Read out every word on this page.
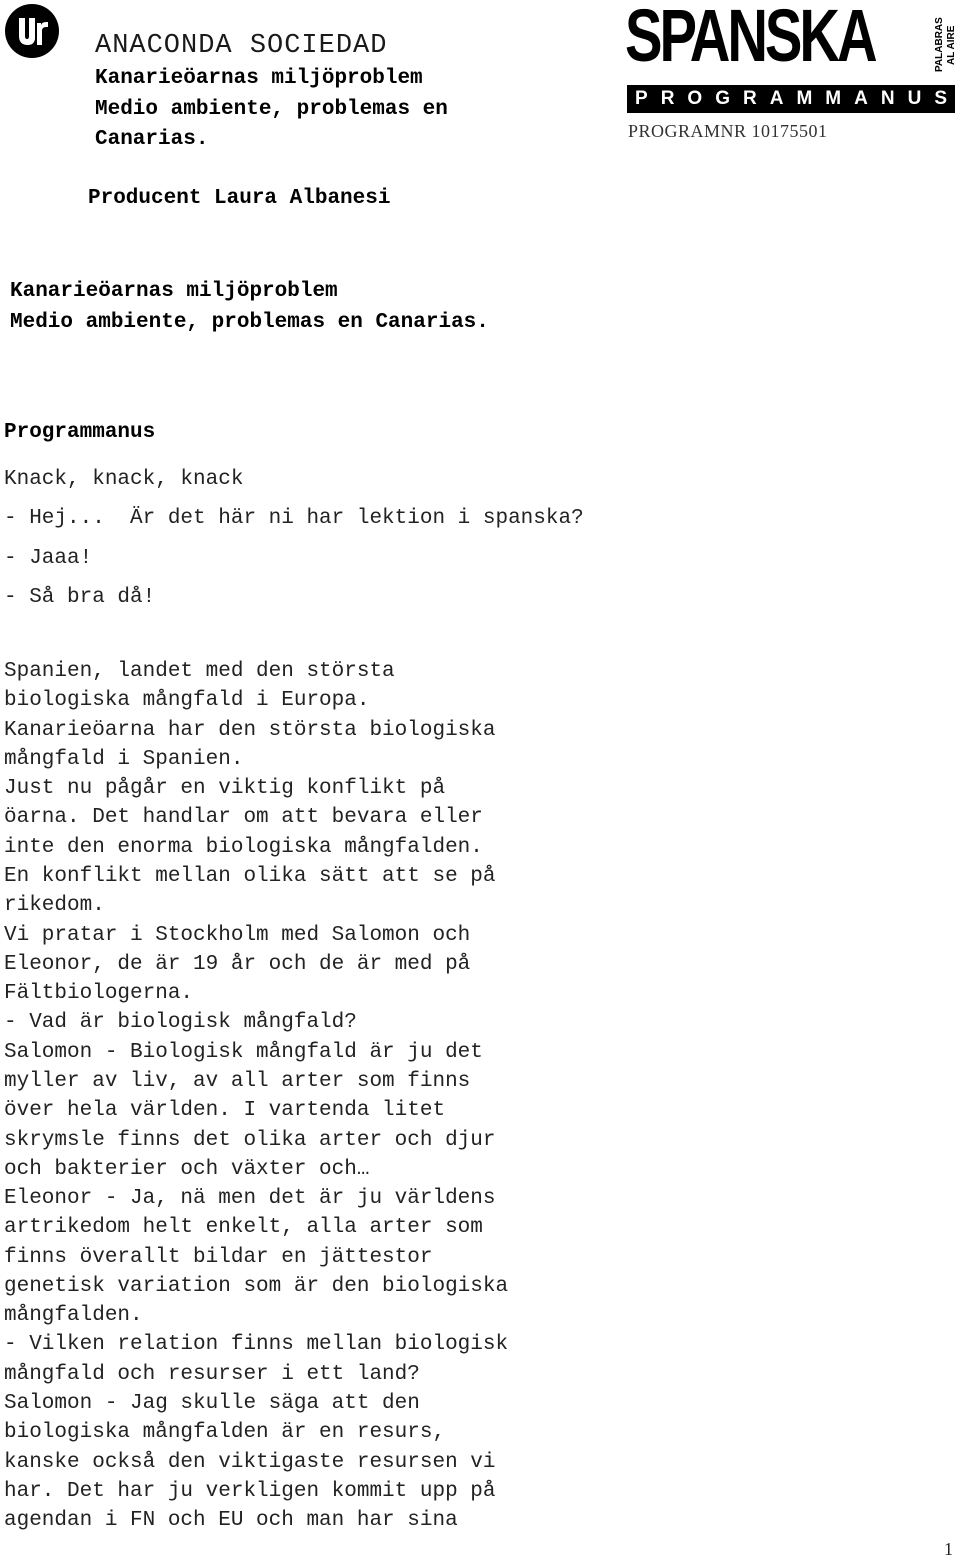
ANACONDA SOCIEDAD
Kanarieöarnas miljöproblem
Medio ambiente, problemas en
Canarias.
SPANSKA	PALABRAS AL AIRE
P R O G R A M M A N U S
PROGRAMNR 10175501
Producent Laura Albanesi
Kanarieöarnas miljöproblem
Medio ambiente, problemas en Canarias.
Programmanus
Knack, knack, knack
- Hej...  Är det här ni har lektion i spanska?
- Jaaa!
- Så bra då!
Spanien, landet med den största
biologiska mångfald i Europa.
Kanarieöarna har den största biologiska
mångfald i Spanien.
Just nu pågår en viktig konflikt på
öarna. Det handlar om att bevara eller
inte den enorma biologiska mångfalden.
En konflikt mellan olika sätt att se på
rikedom.
Vi pratar i Stockholm med Salomon och
Eleonor, de är 19 år och de är med på
Fältbiologerna.
- Vad är biologisk mångfald?
Salomon - Biologisk mångfald är ju det
myller av liv, av all arter som finns
över hela världen. I vartenda litet
skrymsle finns det olika arter och djur
och bakterier och växter och…
Eleonor - Ja, nä men det är ju världens
artrikedom helt enkelt, alla arter som
finns överallt bildar en jättestor
genetisk variation som är den biologiska
mångfalden.
- Vilken relation finns mellan biologisk
mångfald och resurser i ett land?
Salomon - Jag skulle säga att den
biologiska mångfalden är en resurs,
kanske också den viktigaste resursen vi
har. Det har ju verkligen kommit upp på
agendan i FN och EU och man har sina
1
